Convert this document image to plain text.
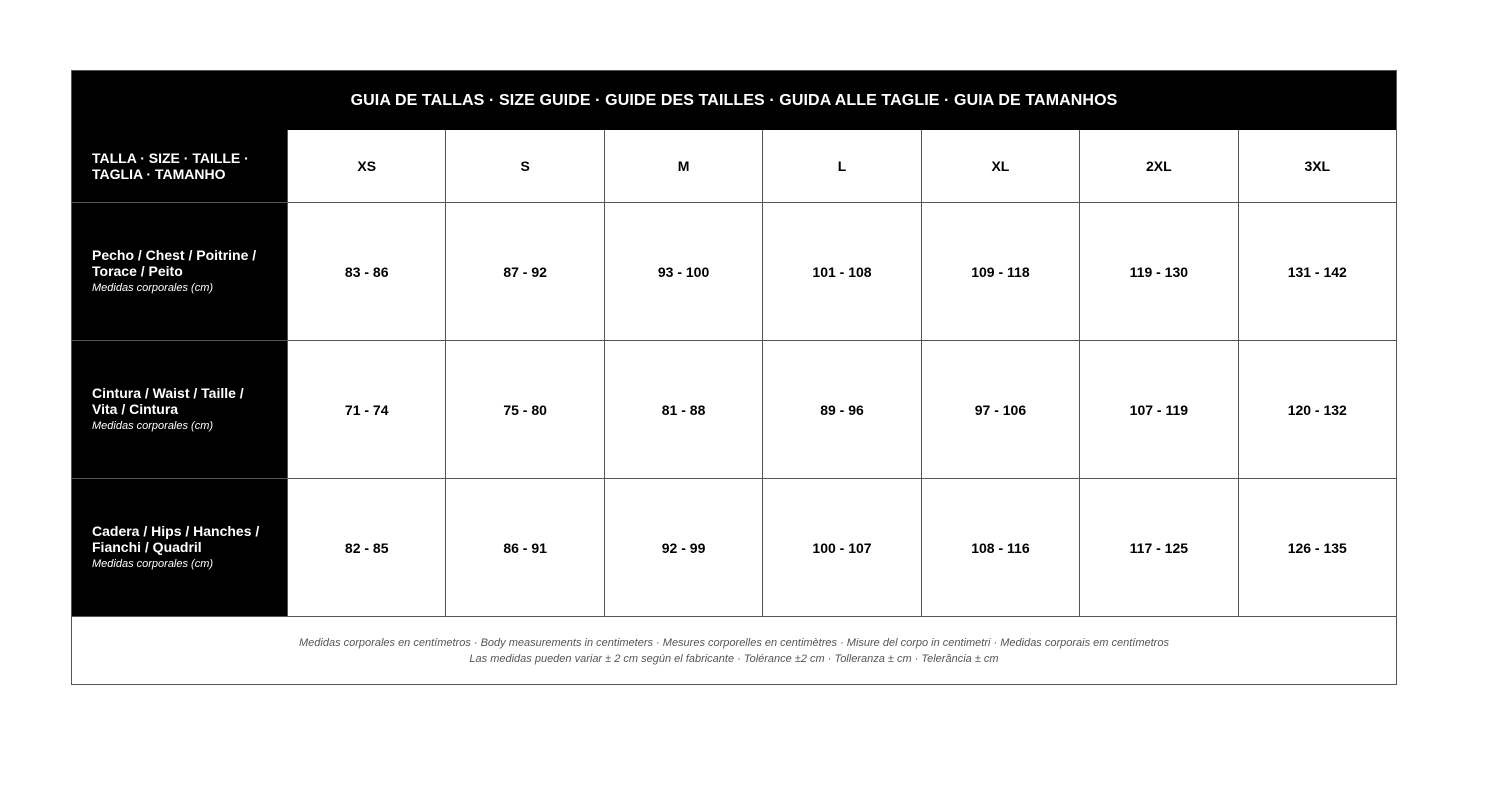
GUIA DE TALLAS · SIZE GUIDE · GUIDE DES TAILLES · GUIDA ALLE TAGLIE · GUIA DE TAMANHOS
TALLA · SIZE · TAILLE · TAGLIA · TAMANHO	XS	S	M	L	XL	2XL	3XL
Pecho / Chest / Poitrine / Torace / Peito
Medidas corporales (cm)
83 - 86	87 - 92	93 - 100	101 - 108	109 - 118	119 - 130	131 - 142
Cintura / Waist / Taille / Vita / Cintura
Medidas corporales (cm)
71 - 74	75 - 80	81 - 88	89 - 96	97 - 106	107 - 119	120 - 132
Cadera / Hips / Hanches / Fianchi / Quadril
Medidas corporales (cm)
82 - 85	86 - 91	92 - 99	100 - 107	108 - 116	117 - 125	126 - 135
Medidas corporales en centímetros · Body measurements in centimeters · Mesures corporelles en centimètres · Misure del corpo in centimetri · Medidas corporais em centímetros
Las medidas pueden variar ± 2 cm según el fabricante · Tolérance ±2 cm · Tolleranza ± cm · Telerância ± cm
